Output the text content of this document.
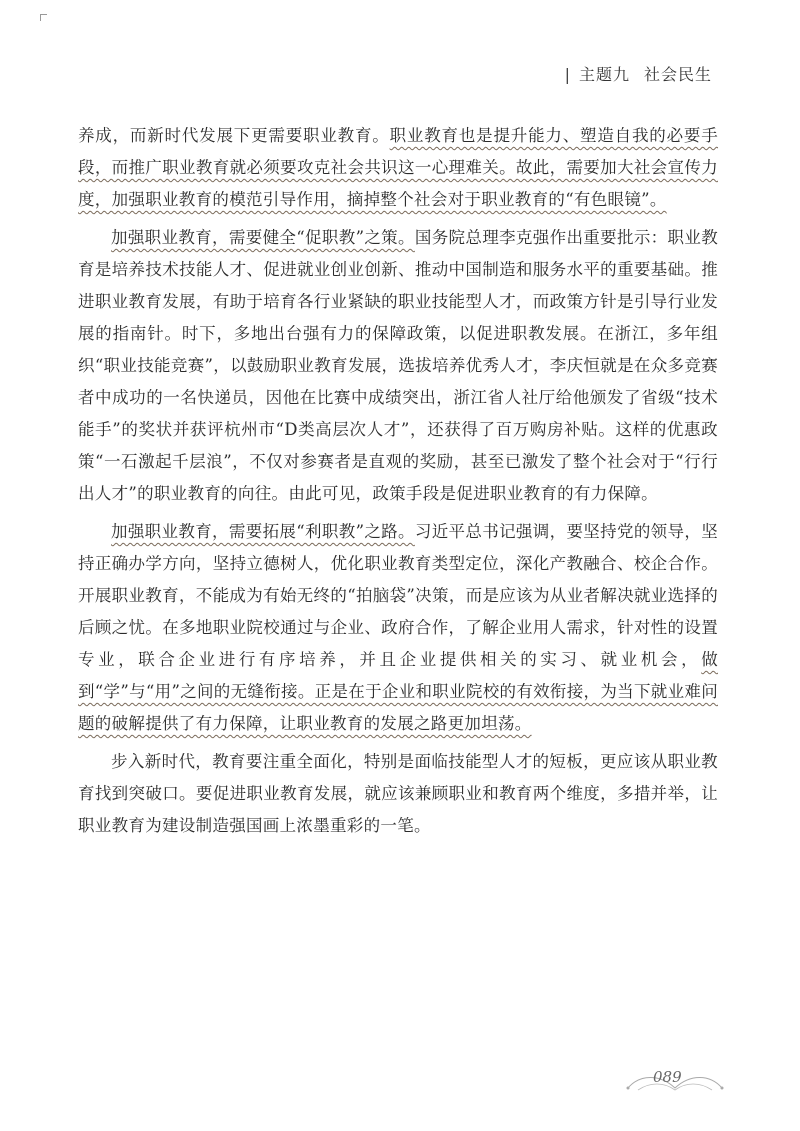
| 主题九 社会民生

养成，而新时代发展下更需要职业教育。职业教育也是提升能力、塑造自我的必要手段，而推广职业教育就必须要攻克社会共识这一心理难关。故此，需要加大社会宣传力度，加强职业教育的模范引导作用，摘掉整个社会对于职业教育的“有色眼镜”。

加强职业教育，需要健全“促职教”之策。国务院总理李克强作出重要批示：职业教育是培养技术技能人才、促进就业创业创新、推动中国制造和服务水平的重要基础。推进职业教育发展，有助于培育各行业紧缺的职业技能型人才，而政策方针是引导行业发展的指南针。时下，多地出台强有力的保障政策，以促进职教发展。在浙江，多年组织“职业技能竞赛”，以鼓励职业教育发展，选拔培养优秀人才，李庆恒就是在众多竞赛者中成功的一名快递员，因他在比赛中成绩突出，浙江省人社厅给他颁发了省级“技术能手”的奖状并获评杭州市“D类高层次人才”，还获得了百万购房补贴。这样的优惠政策“一石激起千层浪”，不仅对参赛者是直观的奖励，甚至已激发了整个社会对于“行行出人才”的职业教育的向往。由此可见，政策手段是促进职业教育的有力保障。

加强职业教育，需要拓展“利职教”之路。习近平总书记强调，要坚持党的领导，坚持正确办学方向，坚持立德树人，优化职业教育类型定位，深化产教融合、校企合作。开展职业教育，不能成为有始无终的“拍脑袋”决策，而是应该为从业者解决就业选择的后顾之忧。在多地职业院校通过与企业、政府合作，了解企业用人需求，针对性的设置专业，联合企业进行有序培养，并且企业提供相关的实习、就业机会，做到“学”与“用”之间的无缝衔接。正是在于企业和职业院校的有效衔接，为当下就业难问题的破解提供了有力保障，让职业教育的发展之路更加坦荡。

步入新时代，教育要注重全面化，特别是面临技能型人才的短板，更应该从职业教育找到突破口。要促进职业教育发展，就应该兼顾职业和教育两个维度，多措并举，让职业教育为建设制造强国画上浓墨重彩的一笔。

089
